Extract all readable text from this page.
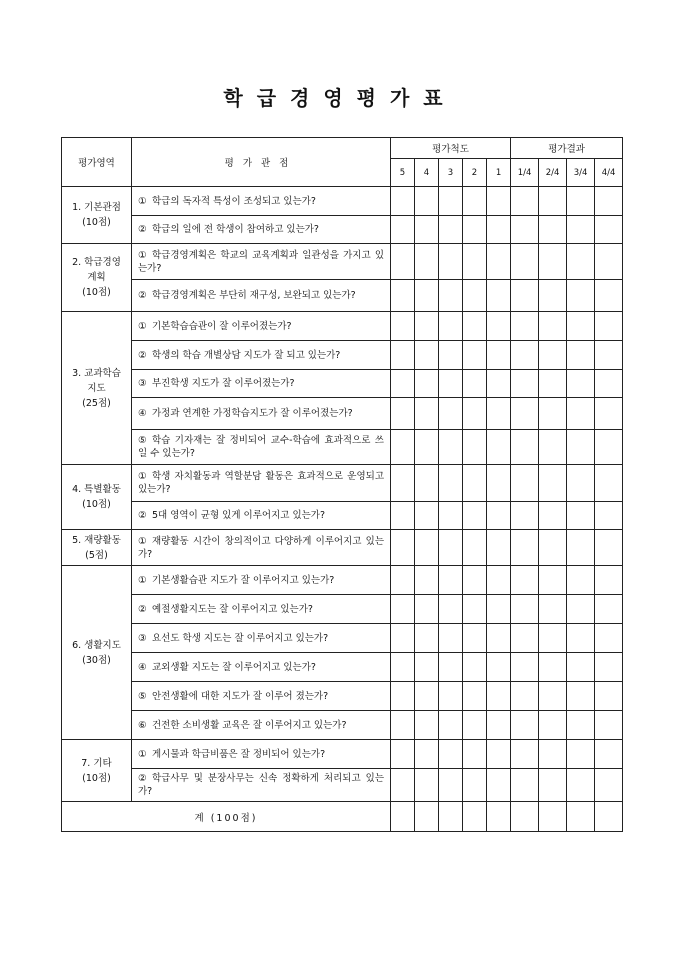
학급경영평가표
평가영역	평가관점	평가척도					평가결과			
		5	4	3	2	1	1/4	2/4	3/4	4/4

1. 기본관점
(10점)	① 학급의 독자적 특성이 조성되고 있는가?									
	② 학급의 일에 전 학생이 참여하고 있는가?									

2. 학급경영
계획
(10점)	① 학급경영계획은 학교의 교육계획과 일관성을 가지고 있는가?									
	② 학급경영계획은 부단히 재구성, 보완되고 있는가?									

3. 교과학습
지도
(25점)	① 기본학습습관이 잘 이루어졌는가?									
	② 학생의 학습 개별상담 지도가 잘 되고 있는가?									
	③ 부진학생 지도가 잘 이루어졌는가?									
	④ 가정과 연계한 가정학습지도가 잘 이루어졌는가?									
	⑤ 학습 기자재는 잘 정비되어 교수-학습에 효과적으로 쓰일 수 있는가?									

4. 특별활동
(10점)	① 학생 자치활동과 역할분담 활동은 효과적으로 운영되고 있는가?									
	② 5대 영역이 균형 있게 이루어지고 있는가?									

5. 재량활동
(5점)	① 재량활동 시간이 창의적이고 다양하게 이루어지고 있는가?									

6. 생활지도
(30점)	① 기본생활습관 지도가 잘 이루어지고 있는가?									
	② 예절생활지도는 잘 이루어지고 있는가?									
	③ 요선도 학생 지도는 잘 이루어지고 있는가?									
	④ 교외생활 지도는 잘 이루어지고 있는가?									
	⑤ 안전생활에 대한 지도가 잘 이루어 졌는가?									
	⑥ 건전한 소비생활 교육은 잘 이루어지고 있는가?									

7. 기타
(10점)	① 게시물과 학급비품은 잘 정비되어 있는가?									
	② 학급사무 및 분장사무는 신속 정확하게 처리되고 있는가?									
계 (100점)										
